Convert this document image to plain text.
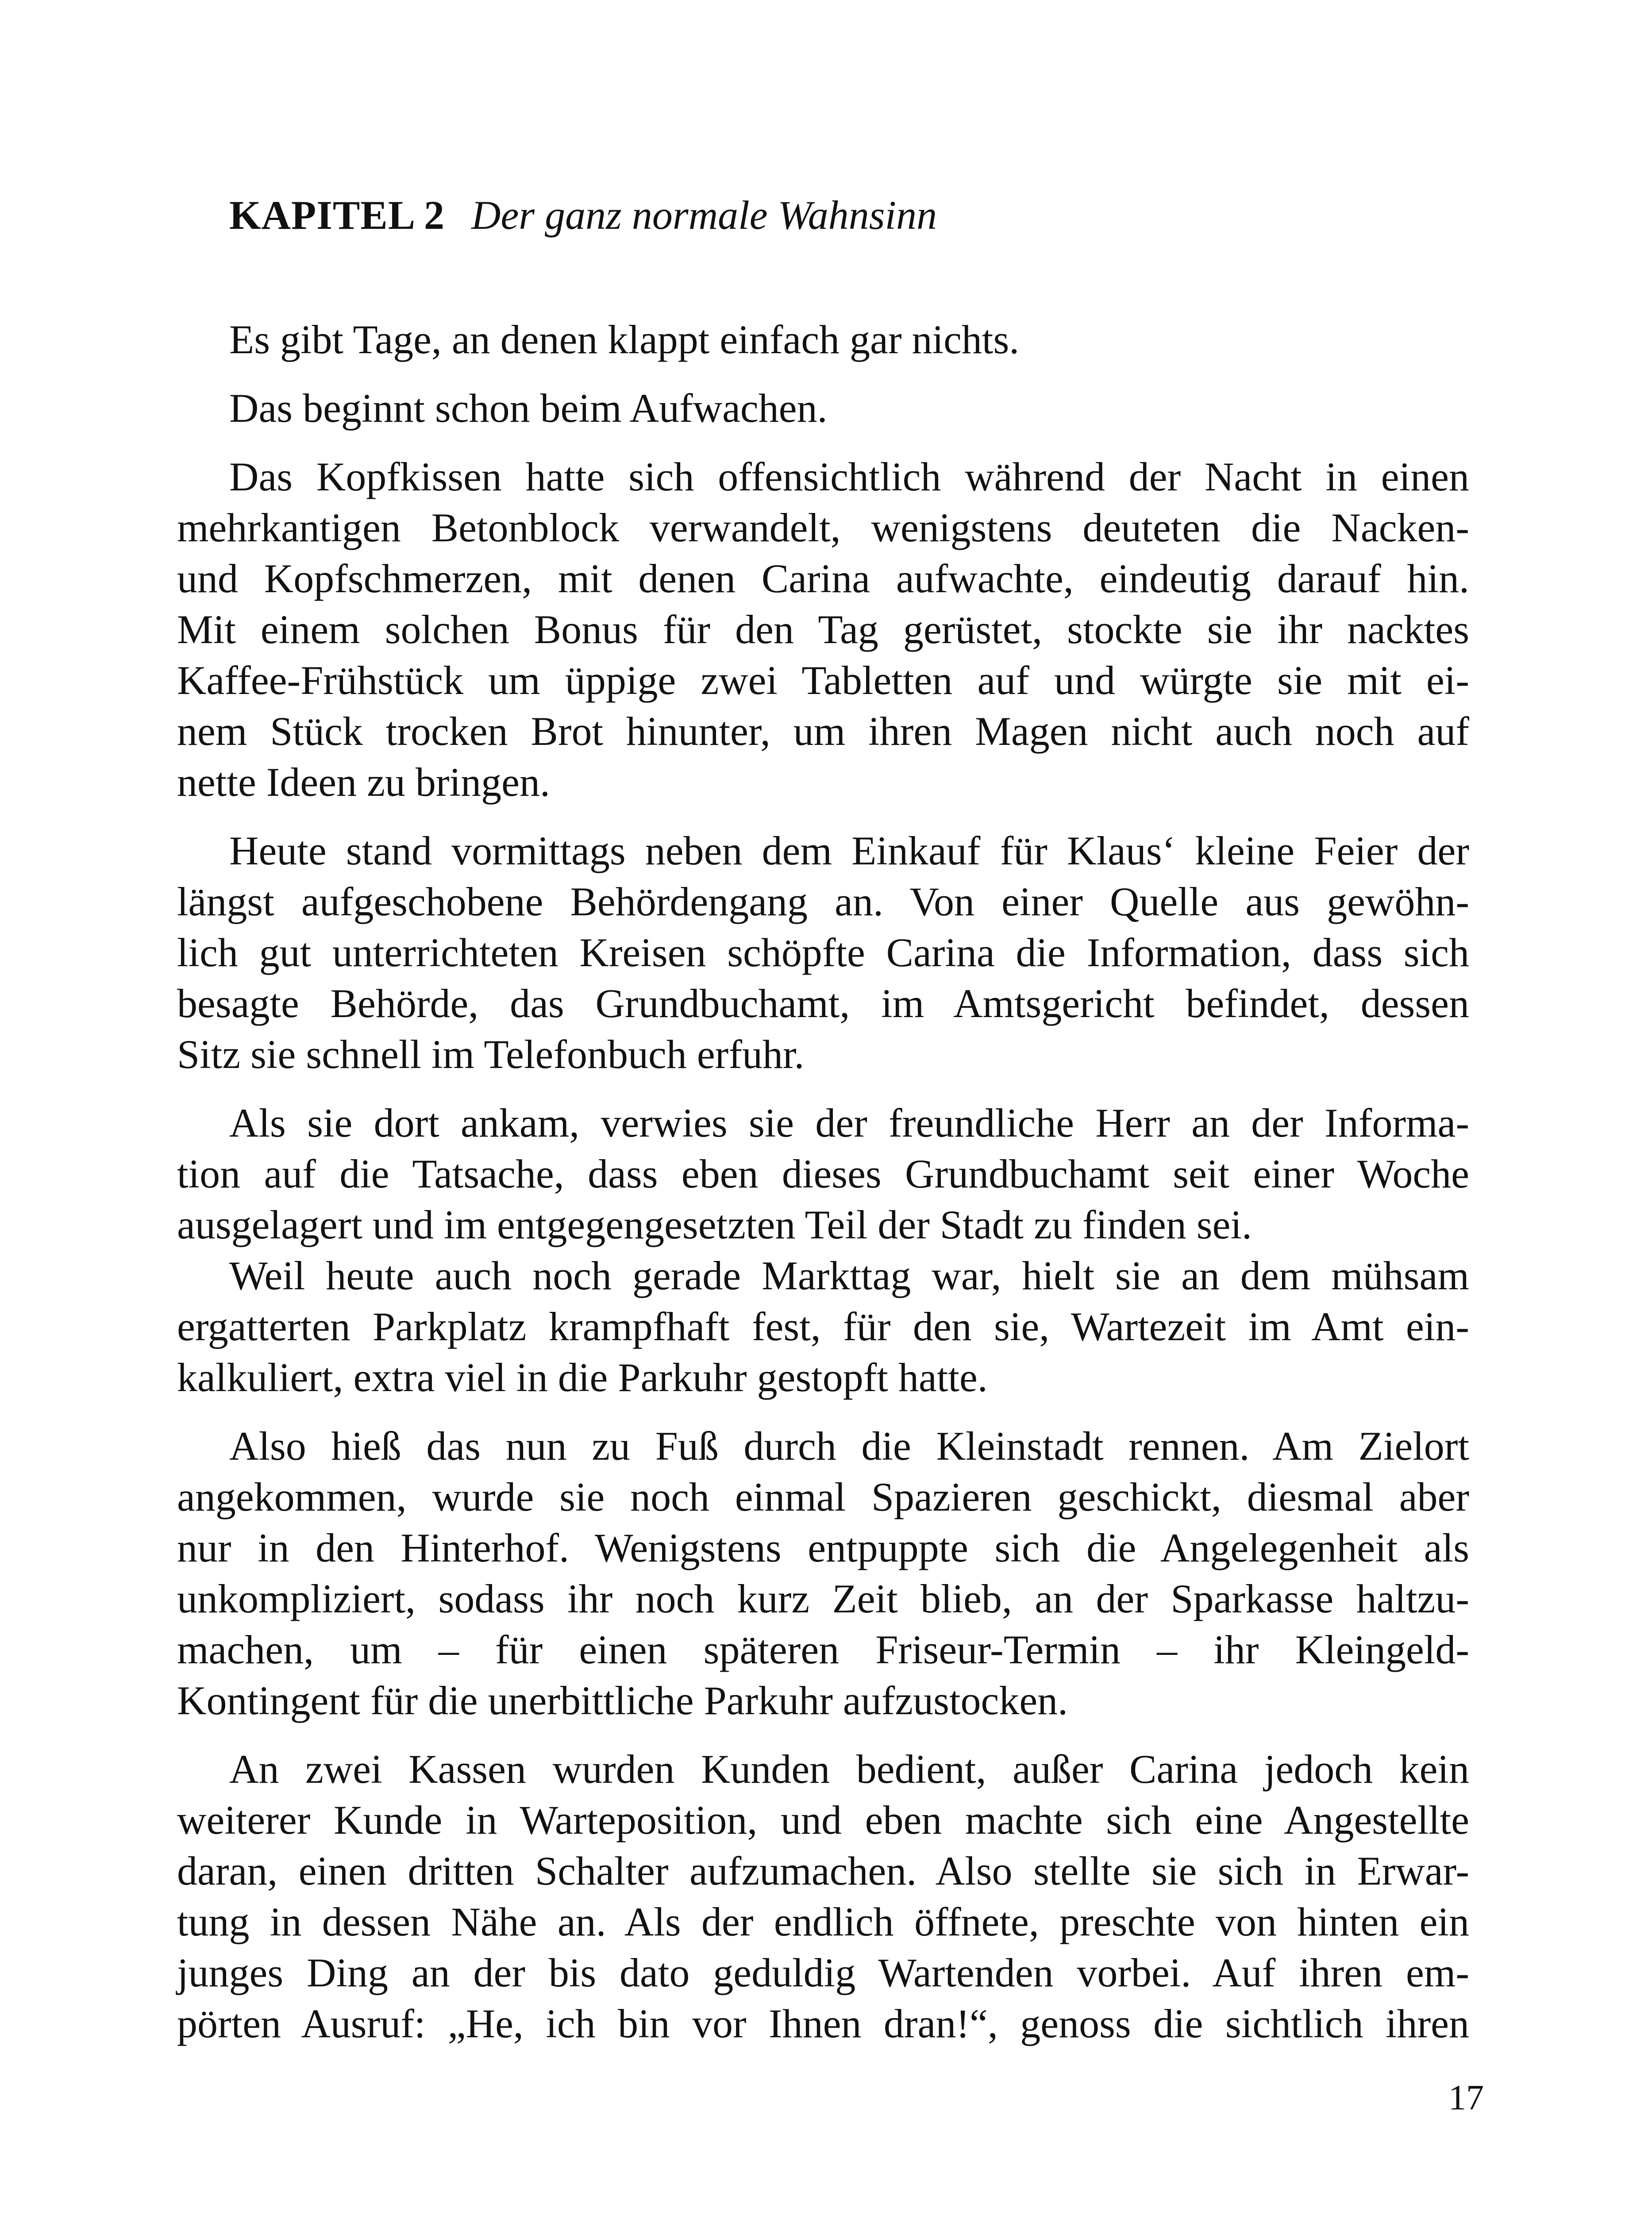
KAPITEL 2 Der ganz normale Wahnsinn
Es gibt Tage, an denen klappt einfach gar nichts.
Das beginnt schon beim Aufwachen.
Das Kopfkissen hatte sich offensichtlich während der Nacht in einen
mehrkantigen Betonblock verwandelt, wenigstens deuteten die Nacken-
und Kopfschmerzen, mit denen Carina aufwachte, eindeutig darauf hin.
Mit einem solchen Bonus für den Tag gerüstet, stockte sie ihr nacktes
Kaffee-Frühstück um üppige zwei Tabletten auf und würgte sie mit ei-
nem Stück trocken Brot hinunter, um ihren Magen nicht auch noch auf
nette Ideen zu bringen.
Heute stand vormittags neben dem Einkauf für Klaus‘ kleine Feier der
längst aufgeschobene Behördengang an. Von einer Quelle aus gewöhn-
lich gut unterrichteten Kreisen schöpfte Carina die Information, dass sich
besagte Behörde, das Grundbuchamt, im Amtsgericht befindet, dessen
Sitz sie schnell im Telefonbuch erfuhr.
Als sie dort ankam, verwies sie der freundliche Herr an der Informa-
tion auf die Tatsache, dass eben dieses Grundbuchamt seit einer Woche
ausgelagert und im entgegengesetzten Teil der Stadt zu finden sei.
Weil heute auch noch gerade Markttag war, hielt sie an dem mühsam
ergatterten Parkplatz krampfhaft fest, für den sie, Wartezeit im Amt ein-
kalkuliert, extra viel in die Parkuhr gestopft hatte.
Also hieß das nun zu Fuß durch die Kleinstadt rennen. Am Zielort
angekommen, wurde sie noch einmal Spazieren geschickt, diesmal aber
nur in den Hinterhof. Wenigstens entpuppte sich die Angelegenheit als
unkompliziert, sodass ihr noch kurz Zeit blieb, an der Sparkasse haltzu-
machen, um – für einen späteren Friseur-Termin – ihr Kleingeld-
Kontingent für die unerbittliche Parkuhr aufzustocken.
An zwei Kassen wurden Kunden bedient, außer Carina jedoch kein
weiterer Kunde in Warteposition, und eben machte sich eine Angestellte
daran, einen dritten Schalter aufzumachen. Also stellte sie sich in Erwar-
tung in dessen Nähe an. Als der endlich öffnete, preschte von hinten ein
junges Ding an der bis dato geduldig Wartenden vorbei. Auf ihren em-
pörten Ausruf: „He, ich bin vor Ihnen dran!“, genoss die sichtlich ihren
17
